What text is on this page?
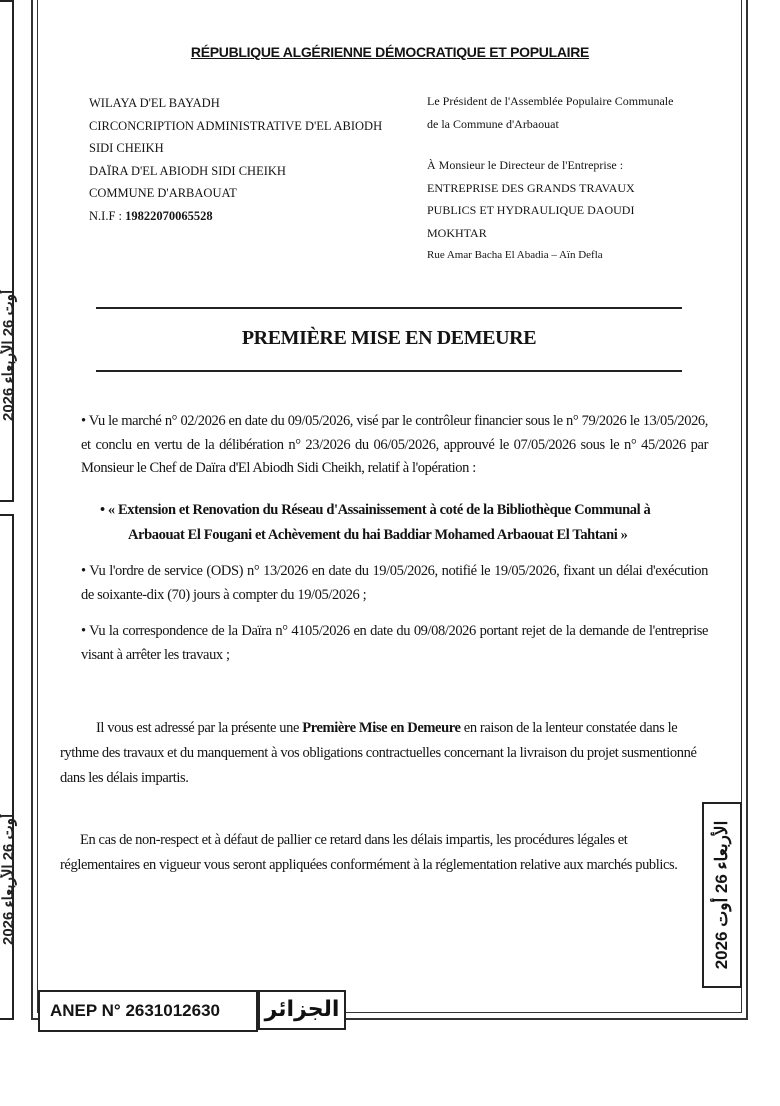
2026 أوت 26 الأربعاء
2026 أوت 26 الأربعاء
RÉPUBLIQUE ALGÉRIENNE DÉMOCRATIQUE ET POPULAIRE
WILAYA D'EL BAYADH
CIRCONCRIPTION ADMINISTRATIVE D'EL ABIODH
SIDI CHEIKH
DAÏRA D'EL ABIODH SIDI CHEIKH
COMMUNE D'ARBAOUAT
N.I.F : 19822070065528
Le Président de l'Assemblée Populaire Communale
de la Commune d'Arbaouat
À Monsieur le Directeur de l'Entreprise :
ENTREPRISE DES GRANDS TRAVAUX
PUBLICS ET HYDRAULIQUE DAOUDI
MOKHTAR
Rue Amar Bacha El Abadia – Aïn Defla
PREMIÈRE MISE EN DEMEURE
• Vu le marché n° 02/2026 en date du 09/05/2026, visé par le contrôleur financier sous le n° 79/2026 le 13/05/2026, et conclu en vertu de la délibération n° 23/2026 du 06/05/2026, approuvé le 07/05/2026 sous le n° 45/2026 par Monsieur le Chef de Daïra d'El Abiodh Sidi Cheikh, relatif à l'opération :
• « Extension et Renovation du Réseau d'Assainissement à coté de la Bibliothèque Communal à
Arbaouat El Fougani et Achèvement du hai Baddiar Mohamed Arbaouat El Tahtani »
• Vu l'ordre de service (ODS) n° 13/2026 en date du 19/05/2026, notifié le 19/05/2026, fixant un délai d'exécution de soixante-dix (70) jours à compter du 19/05/2026 ;
• Vu la correspondence de la Daïra n° 4105/2026 en date du 09/08/2026 portant rejet de la demande de l'entreprise visant à arrêter les travaux ;
Il vous est adressé par la présente une Première Mise en Demeure en raison de la lenteur constatée dans le rythme des travaux et du manquement à vos obligations contractuelles concernant la livraison du projet susmentionné dans les délais impartis.
En cas de non-respect et à défaut de pallier ce retard dans les délais impartis, les procédures légales et réglementaires en vigueur vous seront appliquées conformément à la réglementation relative aux marchés publics.
الأربعاء 26 أوت 2026
ANEP N° 2631012630	الجزائر
